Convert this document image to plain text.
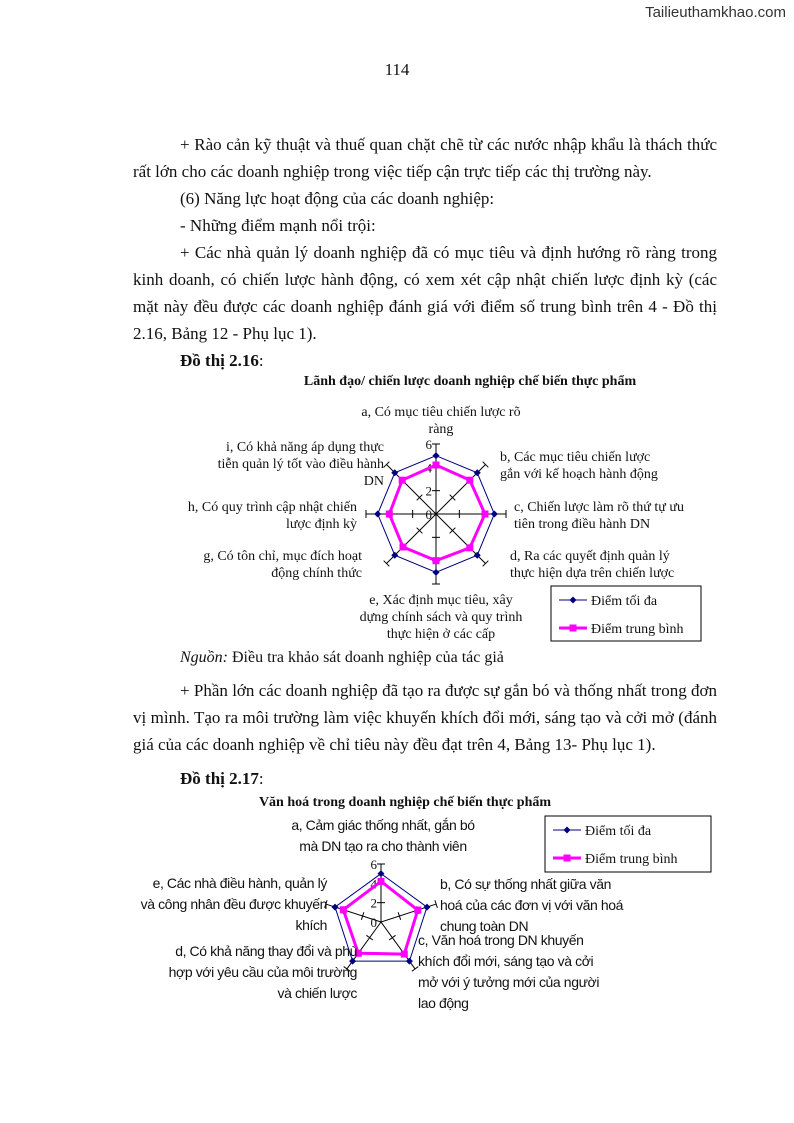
Tailieuthamkhao.com
114

+ Rào cản kỹ thuật và thuế quan chặt chẽ từ các nước nhập khẩu là thách thức rất lớn cho các doanh nghiệp trong việc tiếp cận trực tiếp các thị trường này.

(6) Năng lực hoạt động của các doanh nghiệp:

- Những điểm mạnh nổi trội:

+ Các nhà quản lý doanh nghiệp đã có mục tiêu và định hướng rõ ràng trong kinh doanh, có chiến lược hành động, có xem xét cập nhật chiến lược định kỳ (các mặt này đều được các doanh nghiệp đánh giá với điểm số trung bình trên 4 - Đồ thị 2.16, Bảng 12 - Phụ lục 1).

Đồ thị 2.16:
Lãnh đạo/ chiến lược doanh nghiệp chế biến thực phẩm
Nguồn: Điều tra khảo sát doanh nghiệp của tác giả

+ Phần lớn các doanh nghiệp đã tạo ra được sự gắn bó và thống nhất trong đơn vị mình. Tạo ra môi trường làm việc khuyến khích đổi mới, sáng tạo và cởi mở (đánh giá của các doanh nghiệp về chỉ tiêu này đều đạt trên 4, Bảng 13- Phụ lục 1).

Đồ thị 2.17:
Văn hoá trong doanh nghiệp chế biến thực phẩm
0
2
4
6
a, Có mục tiêu chiến lược rõ ràng
b, Các mục tiêu chiến lược gắn với kế hoạch hành động
c, Chiến lược làm rõ thứ tự ưu tiên trong điều hành DN
d, Ra các quyết định quản lý thực hiện dựa trên chiến lược
e, Xác định mục tiêu, xây dựng chính sách và quy trình thực hiện ở các cấp
g, Có tôn chỉ, mục đích hoạt động chính thức
h, Có quy trình cập nhật chiến lược định kỳ
i, Có khả năng áp dụng thực tiễn quản lý tốt vào điều hành DN
Điểm tối đa
Điểm trung bình
0
2
4
6
a, Cảm giác thống nhất, gắn bó mà DN tạo ra cho thành viên
b, Có sự thống nhất giữa văn hoá của các đơn vị với văn hoá chung toàn DN
c, Văn hoá trong DN khuyến khích đổi mới, sáng tạo và cởi mở với ý tưởng mới của người lao động
d, Có khả năng thay đổi và phù hợp với yêu cầu của môi trường và chiến lược
e, Các nhà điều hành, quản lý và công nhân đều được khuyến khích
Điểm tối đa
Điểm trung bình
